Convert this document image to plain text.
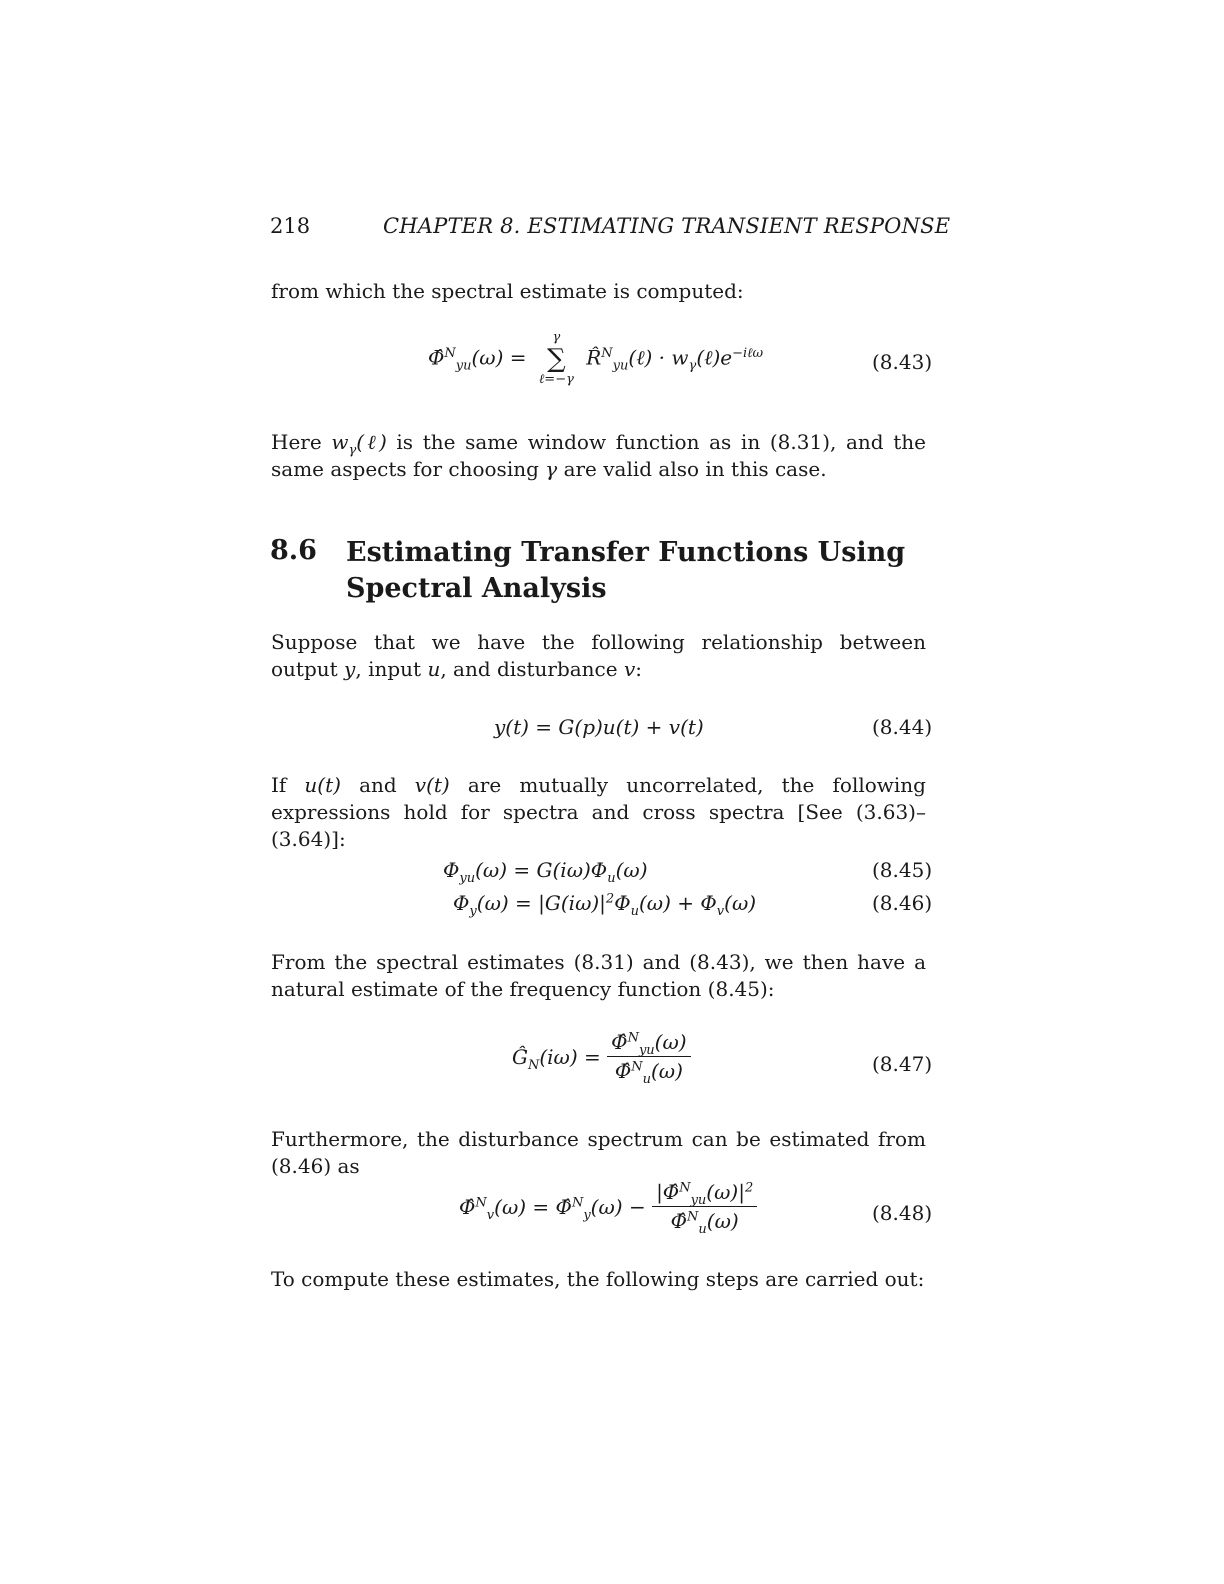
218	CHAPTER 8. ESTIMATING TRANSIENT RESPONSE
from which the spectral estimate is computed:
Φ̂$^N_{yu}$(ω) =
γ
∑
ℓ=−γ
R̂$^N_{yu}$(ℓ) · $w_\gamma(\ell)e^{-i\ell\omega}$	(8.43)
Here $w_\gamma(\ell)$ is the same window function as in (8.31), and the same aspects for choosing γ are valid also in this case.
8.6 Estimating Transfer Functions Using Spectral Analysis
Suppose that we have the following relationship between output y, input u, and disturbance v:
y(t) = G(p)u(t) + v(t)	(8.44)
If u(t) and v(t) are mutually uncorrelated, the following expressions hold for spectra and cross spectra [See (3.63)–(3.64)]:
$\Phi_{yu}(\omega) = G(i\omega)\Phi_u(\omega)$	(8.45)
$\Phi_y(\omega) = |G(i\omega)|^2\Phi_u(\omega) + \Phi_v(\omega)$	(8.46)
From the spectral estimates (8.31) and (8.43), we then have a natural estimate of the frequency function (8.45):
$Ĝ_N(i\omega) = \frac{\Phî^N_{yu}(\omega)}{\Phî^N_u(\omega)}$	(8.47)
Furthermore, the disturbance spectrum can be estimated from (8.46) as
Φ̂$^N_v$(ω) = Φ̂$^N_y$(ω) − $\frac{|\Phî^N_{yu}(\omega)|^2}{\Phî^N_u(\omega)}$	(8.48)
To compute these estimates, the following steps are carried out:
